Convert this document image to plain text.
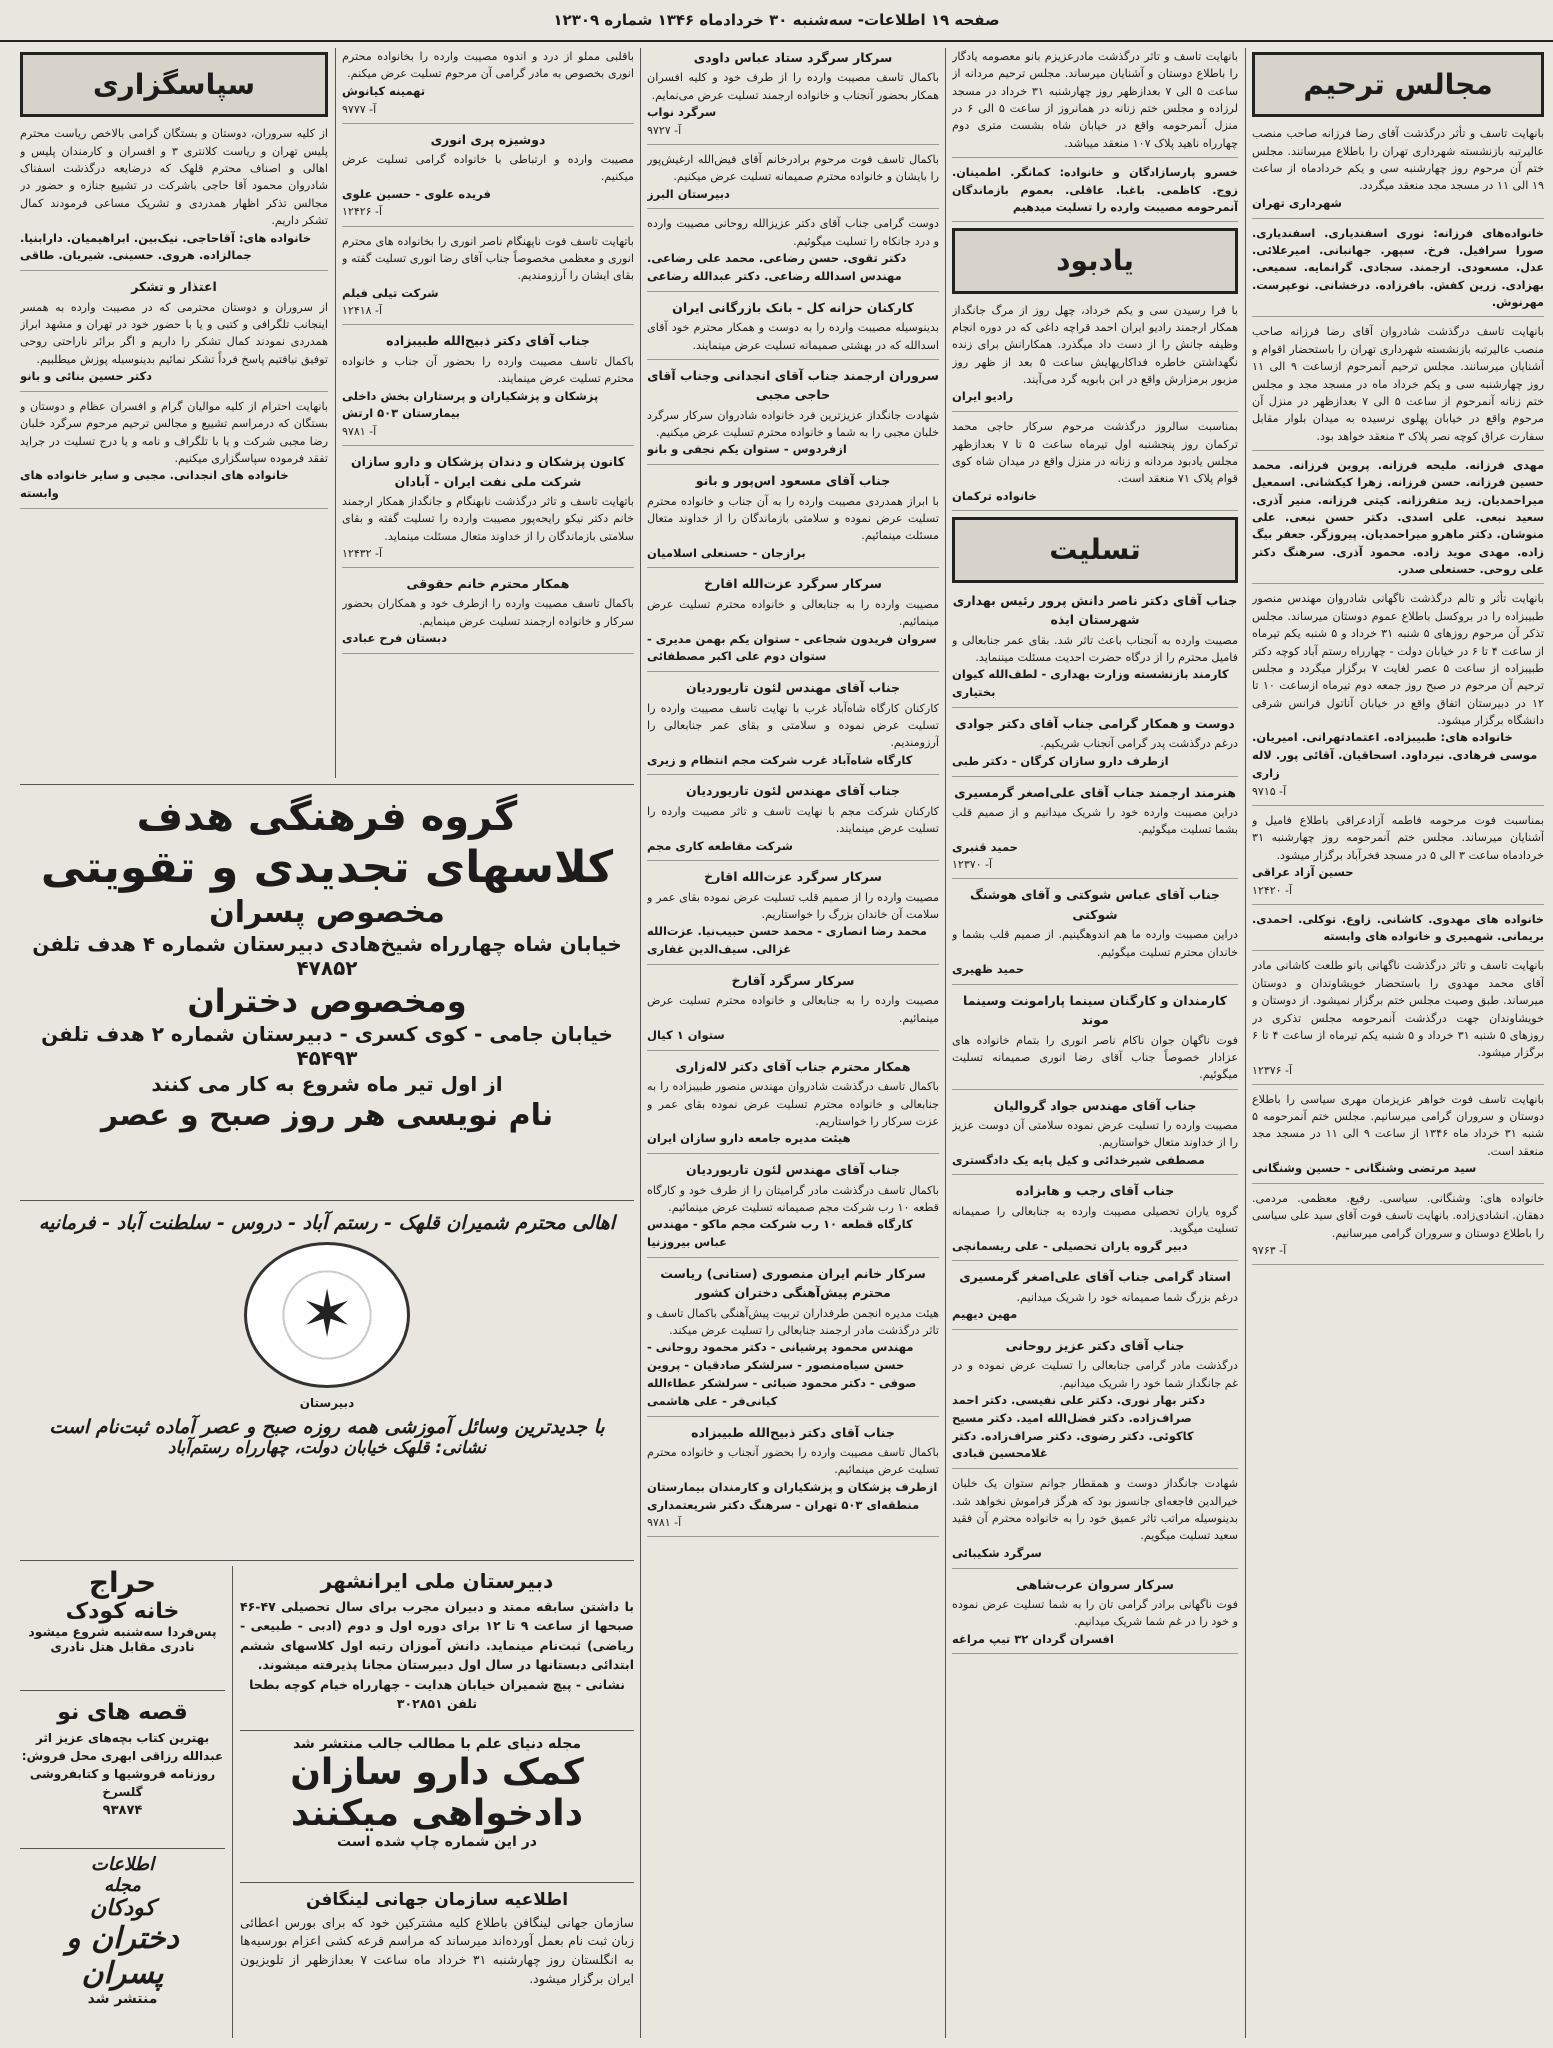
صفحه ۱۹ اطلاعات- سه‌شنبه ۳۰ خردادماه ۱۳۴۶ شماره ۱۲۳۰۹
مجالس ترحیم
بانهایت تاسف و تأثر درگذشت آقای رضا فرزانه صاحب منصب عالیرتبه بازنشسته شهرداری تهران را باطلاع میرسانند. مجلس ختم آن مرحوم روز چهارشنبه سی و یکم خردادماه از ساعت ۱۹ الی ۱۱ در مسجد مجد منعقد میگردد.
شهرداری تهران
خانواده‌های فرزانه: نوری اسفندیاری. اسفندیاری. صورا سرافیل. فرخ. سپهر. جهانبانی. امیرعلائی. عدل. مسعودی. ارجمند. سجادی. گرانمایه. سمیعی. بهزادی. زرین کفش. بافرزاده. درخشانی. نوعپرست. مهرنوش.
بانهایت تاسف درگذشت شادروان آقای رضا فرزانه صاحب منصب عالیرتبه بازنشسته شهرداری تهران را باستحضار اقوام و آشنایان میرسانند. مجلس ترحیم آنمرحوم ازساعت ۹ الی ۱۱ روز چهارشنبه سی و یکم خرداد ماه در مسجد مجد و مجلس ختم زنانه آنمرحوم از ساعت ۵ الی ۷ بعدازظهر در منزل آن مرحوم واقع در خیابان پهلوی نرسیده به میدان بلوار مقابل سفارت عراق کوچه نصر پلاک ۳ منعقد خواهد بود.
مهدی فرزانه. ملیحه فرزانه. پروین فرزانه. محمد حسین فرزانه. حسن فرزانه. زهرا کیکشانی. اسمعیل میراحمدیان. زید متفرزانه. کیتی فرزانه. منیر آذری. سعید نبعی. علی اسدی. دکتر حسن نبعی. علی منوشان. دکتر ماهرو میراحمدیان. پیروزگر. جعفر بیگ زاده. مهدی موید زاده. محمود آذری. سرهنگ دکتر علی روحی. حستعلی صدر.
بانهایت تأثر و تالم درگذشت ناگهانی شادروان مهندس منصور طبیبزاده را در بروکسل باطلاع عموم دوستان میرساند. مجلس تذکر آن مرحوم روزهای ۵ شنبه ۳۱ خرداد و ۵ شنبه یکم تیرماه از ساعت ۴ تا ۶ در خیابان دولت - چهارراه رستم آباد کوچه دکتر طبیبزاده از ساعت ۵ عصر لغایت ۷ برگزار میگردد و مجلس ترحیم آن مرحوم در صبح روز جمعه دوم تیرماه ازساعت ۱۰ تا ۱۲ در دبیرستان اتفاق واقع در خیابان آناتول فرانس شرقی دانشگاه برگزار میشود.
خانواده های: طبیبزاده. اعتمادتهرانی. امیریان. موسی فرهادی. نیرداود. اسحاقیان. آقائی پور. لاله زاری
آ- ۹۷۱۵
بمناسبت فوت مرحومه فاطمه آزادعراقی باطلاع فامیل و آشنایان میرساند. مجلس ختم آنمرحومه روز چهارشنبه ۳۱ خردادماه ساعت ۳ الی ۵ در مسجد فخرآباد برگزار میشود.
حسین آزاد عراقی
آ- ۱۲۴۲۰
خانواده های مهدوی. کاشانی. زاوع. توکلی. احمدی. بریمانی. شهمیری و خانواده های وابسته
بانهایت تاسف و تاثر درگذشت ناگهانی بانو طلعت کاشانی مادر آقای محمد مهدوی را باستحضار خویشاوندان و دوستان میرساند. طبق وصیت مجلس ختم برگزار نمیشود. از دوستان و خویشاوندان جهت درگذشت آنمرحومه مجلس تذکری در روزهای ۵ شنبه ۳۱ خرداد و ۵ شنبه یکم تیرماه از ساعت ۴ تا ۶ برگزار میشود.
آ- ۱۲۳۷۶
بانهایت تاسف فوت خواهر عزیزمان مهری سیاسی را باطلاع دوستان و سروران گرامی میرسانیم. مجلس ختم آنمرحومه ۵ شنبه ۳۱ خرداد ماه ۱۳۴۶ از ساعت ۹ الی ۱۱ در مسجد مجد منعقد است.
سید مرتضی وشنگانی - حسین وشنگانی
خانواده های: وشنگانی. سیاسی. رفیع. معظمی. مردمی. دهقان. انشادی‌زاده. بانهایت تاسف فوت آقای سید علی سیاسی را باطلاع دوستان و سروران گرامی میرسانیم.
آ- ۹۷۶۳
بانهایت تاسف و تاثر درگذشت مادرعزیزم بانو معصومه یادگار را باطلاع دوستان و آشنایان میرساند. مجلس ترحیم مردانه از ساعت ۵ الی ۷ بعدازظهر روز چهارشنبه ۳۱ خرداد در مسجد لرزاده و مجلس ختم زنانه در همانروز از ساعت ۵ الی ۶ در منزل آنمرحومه واقع در خیابان شاه بشست متری دوم چهارراه ناهید پلاک ۱۰۷ منعقد میباشد.
خسرو پارسازادگان و خانواده: کمانگر. اطمینان. زوج. کاظمی. باغبا. عاقلی. بعموم بازماندگان آنمرحومه مصیبت وارده را تسلیت میدهیم
یادبود
با فرا رسیدن سی و یکم خرداد، چهل روز از مرگ جانگداز همکار ارجمند رادیو ایران احمد قراچه داغی که در دوره انجام وظیفه جانش را از دست داد میگذرد. همکارانش برای زنده نگهداشتن خاطره فداکاریهایش ساعت ۵ بعد از ظهر روز مزبور برمزارش واقع در ابن بابویه گرد می‌آیند.
رادیو ایران
بمناسبت سالروز درگذشت مرحوم سرکار حاجی محمد ترکمان روز پنجشنبه اول تیرماه ساعت ۵ تا ۷ بعدازظهر مجلس یادبود مردانه و زنانه در منزل واقع در میدان شاه کوی قوام پلاک ۷۱ منعقد است.
خانواده ترکمان
تسلیت
جناب آقای دکتر ناصر دانش پرور رئیس بهداری شهرستان ایذه
مصیبت وارده به آنجناب باعث تاثر شد. بقای عمر جنابعالی و فامیل محترم را از درگاه حضرت احدیت مسئلت میننماید.
کارمند بازنشسته وزارت بهداری - لطف‌الله کیوان بختیاری
دوست و همکار گرامی جناب آقای دکتر جوادی
درغم درگذشت پدر گرامی آنجناب شریکیم.
ازطرف دارو سازان کرگان - دکتر طبی
هنرمند ارجمند جناب آقای علی‌اصغر گرمسیری
دراین مصیبت وارده خود را شریک میدانیم و از صمیم قلب بشما تسلیت میگوئیم.
حمید قنبری
آ- ۱۲۳۷۰
جناب آقای عباس شوکتی و آقای هوشنگ شوکتی
دراین مصیبت وارده ما هم اندوهگینیم. از صمیم قلب بشما و خاندان محترم تسلیت میگوئیم.
حمید ظهیری
کارمندان و کارگنان سینما پارامونت وسینما موند
فوت ناگهان جوان ناکام ناصر انوری را بتمام خانواده های عزادار خصوصاً جناب آقای رضا انوری صمیمانه تسلیت میگوئیم.
جناب آقای مهندس جواد گروالیان
مصیبت وارده را تسلیت عرض نموده سلامتی آن دوست عزیز را از خداوند متعال خواستاریم.
مصطفی شیرخدائی و کیل پایه یک دادگستری
جناب آقای رجب و هابزاده
گروه یاران تحصیلی مصیبت وارده به جنابعالی را صمیمانه تسلیت میگوید.
دبیر گروه یاران تحصیلی - علی ریسمانچی
استاد گرامی جناب آقای علی‌اصغر گرمسیری
درغم بزرگ شما صمیمانه خود را شریک میدانیم.
مهین دیهیم
جناب آقای دکتر عزیز روحانی
درگذشت مادر گرامی جنابعالی را تسلیت عرض نموده و در غم جانگداز شما خود را شریک میدانیم.
دکتر بهار نوری. دکتر علی نفیسی. دکتر احمد صراف‌زاده. دکتر فضل‌الله امید. دکتر مسیح کاکوئی. دکتر رضوی. دکتر صراف‌زاده. دکتر غلامحسین قبادی
شهادت جانگداز دوست و همقطار جوانم ستوان یک خلبان خیرالدین فاجعه‌ای جانسوز بود که هرگز فراموش نخواهد شد. بدینوسیله مراتب تاثر عمیق خود را به خانواده محترم آن فقید سعید تسلیت میگویم.
سرگرد شکیبائی
سرکار سروان عرب‌شاهی
فوت ناگهانی برادر گرامی تان را به شما تسلیت عرض نموده و خود را در غم شما شریک میدانیم.
افسران گردان ۳۲ تیپ مراغه
سرکار سرگرد ستاد عباس داودی
باکمال تاسف مصیبت وارده را از طرف خود و کلیه افسران همکار بحضور آنجناب و خانواده ارجمند تسلیت عرض می‌نمایم.
سرگرد نواب
آ- ۹۷۲۷
باکمال تاسف فوت مرحوم برادرخانم آقای فیض‌الله ارغیش‌پور را بایشان و خانواده محترم صمیمانه تسلیت عرض میکنیم.
دبیرستان البرز
دوست گرامی جناب آقای دکتر عزیزالله روحانی مصیبت وارده و درد جانکاه را تسلیت میگوئیم.
دکتر تقوی. حسن رضاعی. محمد علی رضاعی. مهندس اسدالله رضاعی. دکتر عبدالله رضاعی
کارکنان حزانه کل - بانک بازرگانی ایران
بدینوسیله مصیبت وارده را به دوست و همکار محترم خود آقای اسدالله که در بهشتی صمیمانه تسلیت عرض مینمایند.
سروران ارجمند جناب آقای انجدانی وجناب آقای حاجی مجبی
شهادت جانگداز عزیزترین فرد خانواده شادروان سرکار سرگرد خلبان مجبی را به شما و خانواده محترم تسلیت عرض میکنیم.
ازفردوس - ستوان یکم نجفی و بانو
جناب آقای مسعود اس‌پور و بانو
با ابراز همدردی مصیبت وارده را به آن جناب و خانواده محترم تسلیت عرض نموده و سلامتی بازماندگان را از خداوند متعال مسئلت مینمائیم.
برازجان - حسنعلی اسلامیان
سرکار سرگرد عزت‌الله اقارخ
مصیبت وارده را به جنابعالی و خانواده محترم تسلیت عرض مینمائیم.
سروان فریدون شجاعی - ستوان یکم بهمن مدیری - ستوان دوم علی اکبر مصطفائی
جناب آقای مهندس لئون تاریوردیان
کارکنان کارگاه شاه‌آباد غرب با نهایت تاسف مصیبت وارده را تسلیت عرض نموده و سلامتی و بقای عمر جنابعالی را آرزومندیم.
کارگاه شاه‌آباد غرب شرکت مجم انتظام و زیری
جناب آقای مهندس لئون تاریوردیان
کارکنان شرکت مجم با نهایت تاسف و تاثر مصیبت وارده را تسلیت عرض مینمایند.
شرکت مقاطعه کاری مجم
سرکار سرگرد عزت‌الله اقارخ
مصیبت وارده را از صمیم قلب تسلیت عرض نموده بقای عمر و سلامت آن خاندان بزرگ را خواستاریم.
محمد رضا انصاری - محمد حسن حبیب‌نیا. عزت‌الله غزالی. سیف‌الدین غفاری
سرکار سرگرد آقارخ
مصیبت وارده را به جنابعالی و خانواده محترم تسلیت عرض مینمائیم.
ستوان ۱ کیال
همکار محترم جناب آقای دکتر لاله‌زاری
باکمال تاسف درگذشت شادروان مهندس منصور طبیبزاده را به جنابعالی و خانواده محترم تسلیت عرض نموده بقای عمر و عزت سرکار را خواستاریم.
هیئت مدیره جامعه دارو سازان ایران
جناب آقای مهندس لئون تاریوردیان
باکمال تاسف درگذشت مادر گرامیتان را از طرف خود و کارگاه قطعه ۱۰ رب شرکت مجم صمیمانه تسلیت عرض مینمائیم.
کارگاه قطعه ۱۰ رب شرکت مجم ماکو - مهندس عباس بیروزنیا
سرکار خانم ایران منصوری (ستانی) ریاست محترم پیش‌آهنگی دختران کشور
هیئت مدیره انجمن طرفداران تربیت پیش‌آهنگی باکمال تاسف و تاثر درگذشت مادر ارجمند جنابعالی را تسلیت عرض میکند.
مهندس محمود پرشیانی - دکتر محمود روحانی - حسن سیاه‌منصور - سرلشکر صادقیان - پروین صوفی - دکتر محمود ضیائی - سرلشکر عطاءالله کیانی‌فر - علی هاشمی
جناب آقای دکتر ذبیح‌الله طبیبزاده
باکمال تاسف مصیبت وارده را بحضور آنجناب و خانواده محترم تسلیت عرض مینمائیم.
ازطرف پزشکان و پزشکیاران و کارمندان بیمارستان منطقه‌ای ۵۰۳ تهران - سرهنگ دکتر شریعتمداری
آ- ۹۷۸۱
باقلبی مملو از درد و اندوه مصیبت وارده را بخانواده محترم انوری بخصوص به مادر گرامی آن مرحوم تسلیت عرض میکنم.
تهمینه کیانوش
آ- ۹۷۷۷
دوشیزه پری انوری
مصیبت وارده و ارتباطی با خانواده گرامی تسلیت عرض میکنیم.
فریده علوی - حسین علوی
آ- ۱۲۴۲۶
باتهایت تاسف فوت ناپهنگام ناصر انوری را بخانواده های محترم انوری و معظمی مخصوصاً جناب آقای رضا انوری تسلیت گفته و بقای ایشان را آرزومندیم.
شرکت تیلی فیلم
آ- ۱۲۴۱۸
جناب آقای دکتر ذبیح‌الله طبیبزاده
باکمال تاسف مصیبت وارده را بحضور آن جناب و خانواده محترم تسلیت عرض مینمایند.
پزشکان و پزشکیاران و پرستاران بخش داخلی بیمارستان ۵۰۳ ارتش
آ- ۹۷۸۱
کانون پزشکان و دندان پزشکان و دارو سازان شرکت ملی نفت ایران - آبادان
باتهایت تاسف و تاثر درگذشت نابهنگام و جانگداز همکار ارجمند خانم دکتر نیکو رایحه‌پور مصیبت وارده را تسلیت گفته و بقای سلامتی بازماندگان را از خداوند متعال مسئلت مینماید.
آ- ۱۲۴۳۲
همکار محترم خانم حقوقی
باکمال تاسف مصیبت وارده را ازطرف خود و همکاران بحضور سرکار و خانواده ارجمند تسلیت عرض مینمایم.
دبستان فرح عبادی
سپاسگزاری
از کلیه سروران، دوستان و بستگان گرامی بالاخص ریاست محترم پلیس تهران و ریاست کلانتری ۳ و افسران و کارمندان پلیس و اهالی و اصناف محترم قلهک که درضایعه درگذشت اسفناک شادروان محمود آقا حاجی باشرکت در تشییع جنازه و حضور در مجالس تذکر اظهار همدردی و تشریک مساعی فرمودند کمال تشکر داریم.
خانواده های: آقاحاجی. نیک‌بین. ابراهیمیان. دارابنیا. جمالزاده. هروی. حسینی. شیریان. طاقی
اعتذار و تشکر
از سروران و دوستان محترمی که در مصیبت وارده به همسر اینجانب تلگرافی و کتبی و یا با حضور خود در تهران و مشهد ابراز همدردی نمودند کمال تشکر را داریم و اگر برائر ناراحتی روحی توفیق نیافتیم پاسخ فرداً تشکر نمائیم بدینوسیله پوزش میطلبیم.
دکتر حسین بنائی و بانو
بانهایت احترام از کلیه موالیان گرام و افسران عظام و دوستان و بستگان که درمراسم تشییع و مجالس ترحیم مرحوم سرگرد خلبان رضا مجبی شرکت و یا با تلگراف و نامه و یا درج تسلیت در جراید تفقد فرموده سپاسگزاری میکنیم.
خانواده های انجدانی. مجبی و سایر خانواده های وابسته
گروه فرهنگی هدف
کلاسهای تجدیدی و تقویتی
مخصوص پسران
خیابان شاه چهارراه شیخ‌هادی دبیرستان شماره ۴ هدف تلفن ۴۷۸۵۲
ومخصوص دختران
خیابان جامی - کوی کسری - دبیرستان شماره ۲ هدف تلفن ۴۵۴۹۳
از اول تیر ماه شروع به کار می کنند
نام نویسی هر روز صبح و عصر
اهالی محترم شمیران قلهک - رستم آباد - دروس - سلطنت آباد - فرمانیه
✶
دبیرستان
با جدیدترین وسائل آموزشی همه روزه صبح و عصر آماده ثبت‌نام است
نشانی: قلهک خیابان دولت، چهارراه رستم‌آباد
دبیرستان ملی ایرانشهر
با داشتن سابقه ممتد و دبیران مجرب برای سال تحصیلی ۴۷-۴۶ صبحها از ساعت ۹ تا ۱۲ برای دوره اول و دوم (ادبی - طبیعی - ریاضی) ثبت‌نام مینماید. دانش آموزان رتبه اول کلاسهای ششم ابتدائی دبستانها در سال اول دبیرستان مجانا پذیرفته میشوند.
نشانی - پیچ شمیران خیابان هدایت - چهارراه خیام کوچه بطحا تلفن ۳۰۲۸۵۱
مجله دنیای علم با مطالب جالب منتشر شد
کمک دارو سازان
دادخواهی میکنند
در این شماره چاپ شده است
اطلاعیه سازمان جهانی لینگافن
سازمان جهانی لینگافن باطلاع کلیه مشترکین خود که برای بورس اعطائی زبان ثبت نام بعمل آورده‌اند میرساند که مراسم قرعه کشی اعزام بورسیه‌ها به انگلستان روز چهارشنبه ۳۱ خرداد ماه ساعت ۷ بعدازظهر از تلویزیون ایران برگزار میشود.
حراج
خانه کودک
پس‌فردا سه‌شنبه شروع میشود نادری مقابل هتل نادری
قصه های نو
بهترین کتاب بچه‌های عزیز اثر عبدالله رزاقی ابهری محل فروش: روزنامه فروشیها و کتابفروشی گلسرخ
۹۳۸۷۴
اطلاعات
مجله
کودکان
دختران و پسران
منتشر شد
